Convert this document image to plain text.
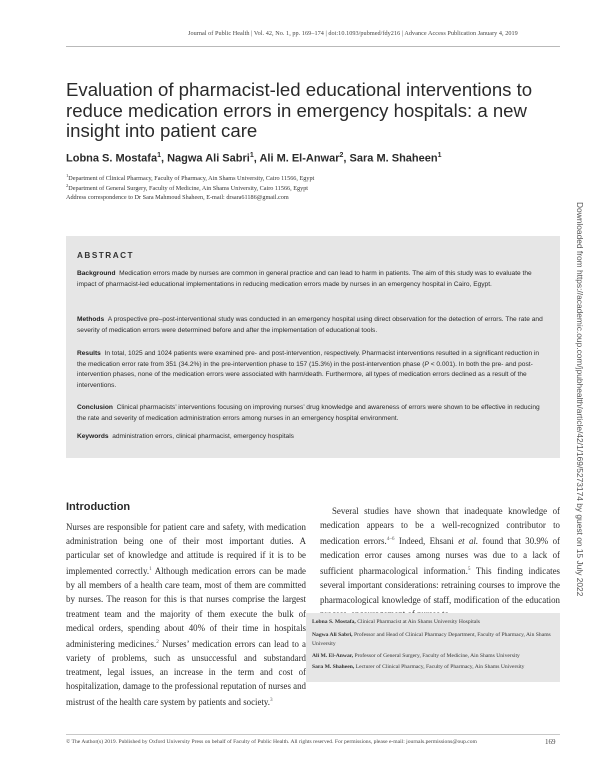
Journal of Public Health | Vol. 42, No. 1, pp. 169–174 | doi:10.1093/pubmed/fdy216 | Advance Access Publication January 4, 2019
Evaluation of pharmacist-led educational interventions to reduce medication errors in emergency hospitals: a new insight into patient care
Lobna S. Mostafa$^1$, Nagwa Ali Sabri$^1$, Ali M. El-Anwar$^2$, Sara M. Shaheen$^1$
$^1$Department of Clinical Pharmacy, Faculty of Pharmacy, Ain Shams University, Cairo 11566, Egypt
$^2$Department of General Surgery, Faculty of Medicine, Ain Shams University, Cairo 11566, Egypt
Address correspondence to Dr Sara Mahmoud Shaheen, E-mail: drsara61186@gmail.com
ABSTRACT
Background Medication errors made by nurses are common in general practice and can lead to harm in patients. The aim of this study was to evaluate the impact of pharmacist-led educational implementations in reducing medication errors made by nurses in an emergency hospital in Cairo, Egypt.
Methods A prospective pre–post-interventional study was conducted in an emergency hospital using direct observation for the detection of errors. The rate and severity of medication errors were determined before and after the implementation of educational tools.
Results In total, 1025 and 1024 patients were examined pre- and post-intervention, respectively. Pharmacist interventions resulted in a significant reduction in the medication error rate from 351 (34.2%) in the pre-intervention phase to 157 (15.3%) in the post-intervention phase (P < 0.001). In both the pre- and post-intervention phases, none of the medication errors were associated with harm/death. Furthermore, all types of medication errors declined as a result of the interventions.
Conclusion Clinical pharmacists’ interventions focusing on improving nurses’ drug knowledge and awareness of errors were shown to be effective in reducing the rate and severity of medication administration errors among nurses in an emergency hospital environment.
Keywords administration errors, clinical pharmacist, emergency hospitals
Introduction
Nurses are responsible for patient care and safety, with medication administration being one of their most important duties. A particular set of knowledge and attitude is required if it is to be implemented correctly.$^1$ Although medication errors can be made by all members of a health care team, most of them are committed by nurses. The reason for this is that nurses comprise the largest treatment team and the majority of them execute the bulk of medical orders, spending about 40% of their time in hospitals administering medicines.$^2$ Nurses’ medication errors can lead to a variety of problems, such as unsuccessful and substandard treatment, legal issues, an increase in the term and cost of hospitalization, damage to the professional reputation of nurses and mistrust of the health care system by patients and society.$^3$
Several studies have shown that inadequate knowledge of medication appears to be a well-recognized contributor to medication errors.$^{4-6}$ Indeed, Ehsani et al. found that 30.9% of medication error causes among nurses was due to a lack of sufficient pharmacological information.$^5$ This finding indicates several important considerations: retraining courses to improve the pharmacological knowledge of staff, modification of the education
Lobna S. Mostafa, Clinical Pharmacist at Ain Shams University Hospitals
Nagwa Ali Sabri, Professor and Head of Clinical Pharmacy Department, Faculty of Pharmacy, Ain Shams University
Ali M. El-Anwar, Professor of General Surgery, Faculty of Medicine, Ain Shams University
Sara M. Shaheen, Lecturer of Clinical Pharmacy, Faculty of Pharmacy, Ain Shams University
Downloaded from https://academic.oup.com/jpubhealth/article/42/1/169/5273174 by guest on 15 July 2022
© The Author(s) 2019. Published by Oxford University Press on behalf of Faculty of Public Health. All rights reserved. For permissions, please e-mail: journals.permissions@oup.com	169
